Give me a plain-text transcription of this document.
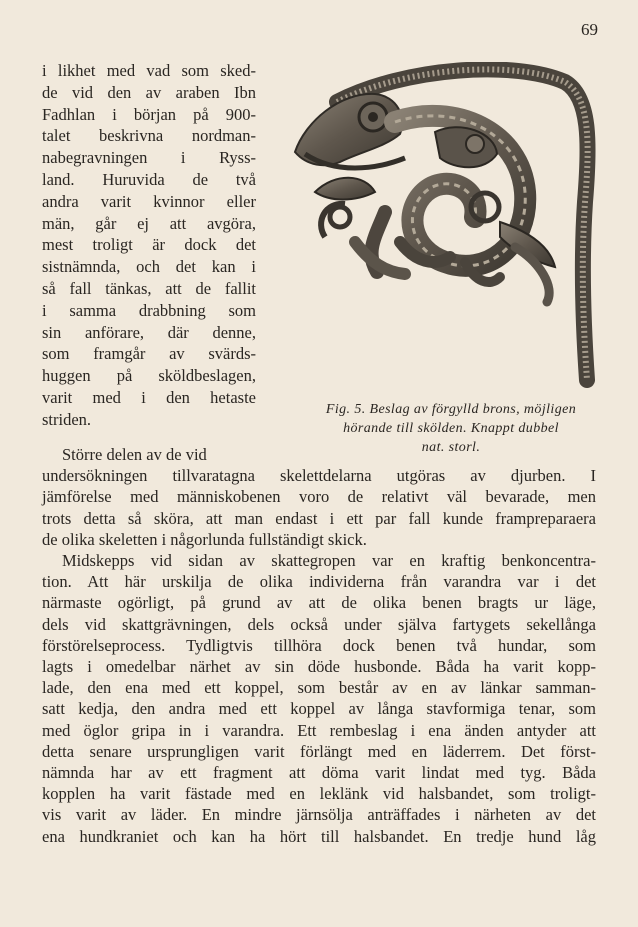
69
i likhet med vad som sked-
de vid den av araben Ibn
Fadhlan i början på 900-
talet beskrivna nordman-
nabegravningen i Ryss-
land. Huruvida de två
andra varit kvinnor eller
män, går ej att avgöra,
mest troligt är dock det
sistnämnda, och det kan i
så fall tänkas, att de fallit
i samma drabbning som
sin anförare, där denne,
som framgår av svärds-
huggen på sköldbeslagen,
varit med i den hetaste
striden.
Fig. 5. Beslag av förgylld brons, möjligen
hörande till skölden. Knappt dubbel
nat. storl.
Större delen av de vid
undersökningen tillvaratagna skelettdelarna utgöras av djurben. I
jämförelse med människobenen voro de relativt väl bevarade, men
trots detta så sköra, att man endast i ett par fall kunde frampreparaera
de olika skeletten i någorlunda fullständigt skick.
Midskepps vid sidan av skattegropen var en kraftig benkoncentra-
tion. Att här urskilja de olika individerna från varandra var i det
närmaste ogörligt, på grund av att de olika benen bragts ur läge,
dels vid skattgrävningen, dels också under själva fartygets sekellånga
förstörelseprocess. Tydligtvis tillhöra dock benen två hundar, som
lagts i omedelbar närhet av sin döde husbonde. Båda ha varit kopp-
lade, den ena med ett koppel, som består av en av länkar samman-
satt kedja, den andra med ett koppel av långa stavformiga tenar, som
med öglor gripa in i varandra. Ett rembeslag i ena änden antyder att
detta senare ursprungligen varit förlängt med en läderrem. Det först-
nämnda har av ett fragment att döma varit lindat med tyg. Båda
kopplen ha varit fästade med en leklänk vid halsbandet, som troligt-
vis varit av läder. En mindre järnsölja anträffades i närheten av det
ena hundkraniet och kan ha hört till halsbandet. En tredje hund låg
